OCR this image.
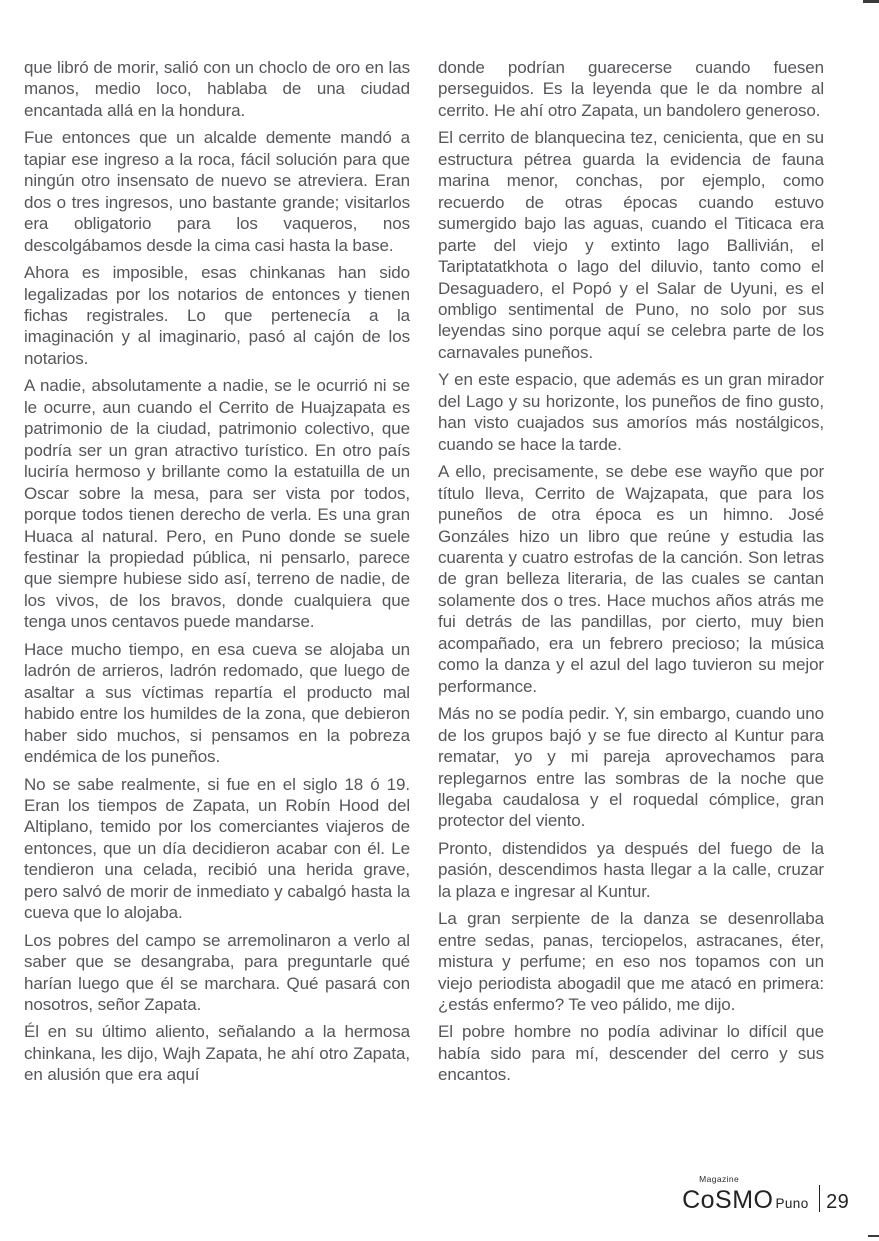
que libró de morir, salió con un choclo de oro en las manos, medio loco, hablaba de una ciudad encantada allá en la hondura.

Fue entonces que un alcalde demente mandó a tapiar ese ingreso a la roca, fácil solución para que ningún otro insensato de nuevo se atreviera. Eran dos o tres ingresos, uno bastante grande; visitarlos era obligatorio para los vaqueros, nos descolgábamos desde la cima casi hasta la base.

Ahora es imposible, esas chinkanas han sido legalizadas por los notarios de entonces y tienen fichas registrales. Lo que pertenecía a la imaginación y al imaginario, pasó al cajón de los notarios.

A nadie, absolutamente a nadie, se le ocurrió ni se le ocurre, aun cuando el Cerrito de Huajzapata es patrimonio de la ciudad, patrimonio colectivo, que podría ser un gran atractivo turístico. En otro país luciría hermoso y brillante como la estatuilla de un Oscar sobre la mesa, para ser vista por todos, porque todos tienen derecho de verla. Es una gran Huaca al natural. Pero, en Puno donde se suele festinar la propiedad pública, ni pensarlo, parece que siempre hubiese sido así, terreno de nadie, de los vivos, de los bravos, donde cualquiera que tenga unos centavos puede mandarse.

Hace mucho tiempo, en esa cueva se alojaba un ladrón de arrieros, ladrón redomado, que luego de asaltar a sus víctimas repartía el producto mal habido entre los humildes de la zona, que debieron haber sido muchos, si pensamos en la pobreza endémica de los puneños.

No se sabe realmente, si fue en el siglo 18 ó 19. Eran los tiempos de Zapata, un Robín Hood del Altiplano, temido por los comerciantes viajeros de entonces, que un día decidieron acabar con él. Le tendieron una celada, recibió una herida grave, pero salvó de morir de inmediato y cabalgó hasta la cueva que lo alojaba.

Los pobres del campo se arremolinaron a verlo al saber que se desangraba, para preguntarle qué harían luego que él se marchara. Qué pasará con nosotros, señor Zapata.

Él en su último aliento, señalando a la hermosa chinkana, les dijo, Wajh Zapata, he ahí otro Zapata, en alusión que era aquí

donde podrían guarecerse cuando fuesen perseguidos. Es la leyenda que le da nombre al cerrito. He ahí otro Zapata, un bandolero generoso.

El cerrito de blanquecina tez, cenicienta, que en su estructura pétrea guarda la evidencia de fauna marina menor, conchas, por ejemplo, como recuerdo de otras épocas cuando estuvo sumergido bajo las aguas, cuando el Titicaca era parte del viejo y extinto lago Ballivián, el Tariptatatkhota o lago del diluvio, tanto como el Desaguadero, el Popó y el Salar de Uyuni, es el ombligo sentimental de Puno, no solo por sus leyendas sino porque aquí se celebra parte de los carnavales puneños.

Y en este espacio, que además es un gran mirador del Lago y su horizonte, los puneños de fino gusto, han visto cuajados sus amoríos más nostálgicos, cuando se hace la tarde.

A ello, precisamente, se debe ese wayño que por título lleva, Cerrito de Wajzapata, que para los puneños de otra época es un himno. José Gonzáles hizo un libro que reúne y estudia las cuarenta y cuatro estrofas de la canción. Son letras de gran belleza literaria, de las cuales se cantan solamente dos o tres. Hace muchos años atrás me fui detrás de las pandillas, por cierto, muy bien acompañado, era un febrero precioso; la música como la danza y el azul del lago tuvieron su mejor performance.

Más no se podía pedir. Y, sin embargo, cuando uno de los grupos bajó y se fue directo al Kuntur para rematar, yo y mi pareja aprovechamos para replegarnos entre las sombras de la noche que llegaba caudalosa y el roquedal cómplice, gran protector del viento.

Pronto, distendidos ya después del fuego de la pasión, descendimos hasta llegar a la calle, cruzar la plaza e ingresar al Kuntur.

La gran serpiente de la danza se desenrollaba entre sedas, panas, terciopelos, astracanes, éter, mistura y perfume; en eso nos topamos con un viejo periodista abogadil que me atacó en primera: ¿estás enfermo? Te veo pálido, me dijo.

El pobre hombre no podía adivinar lo difícil que había sido para mí, descender del cerro y sus encantos.

Magazine
CoSMO Puno 29
